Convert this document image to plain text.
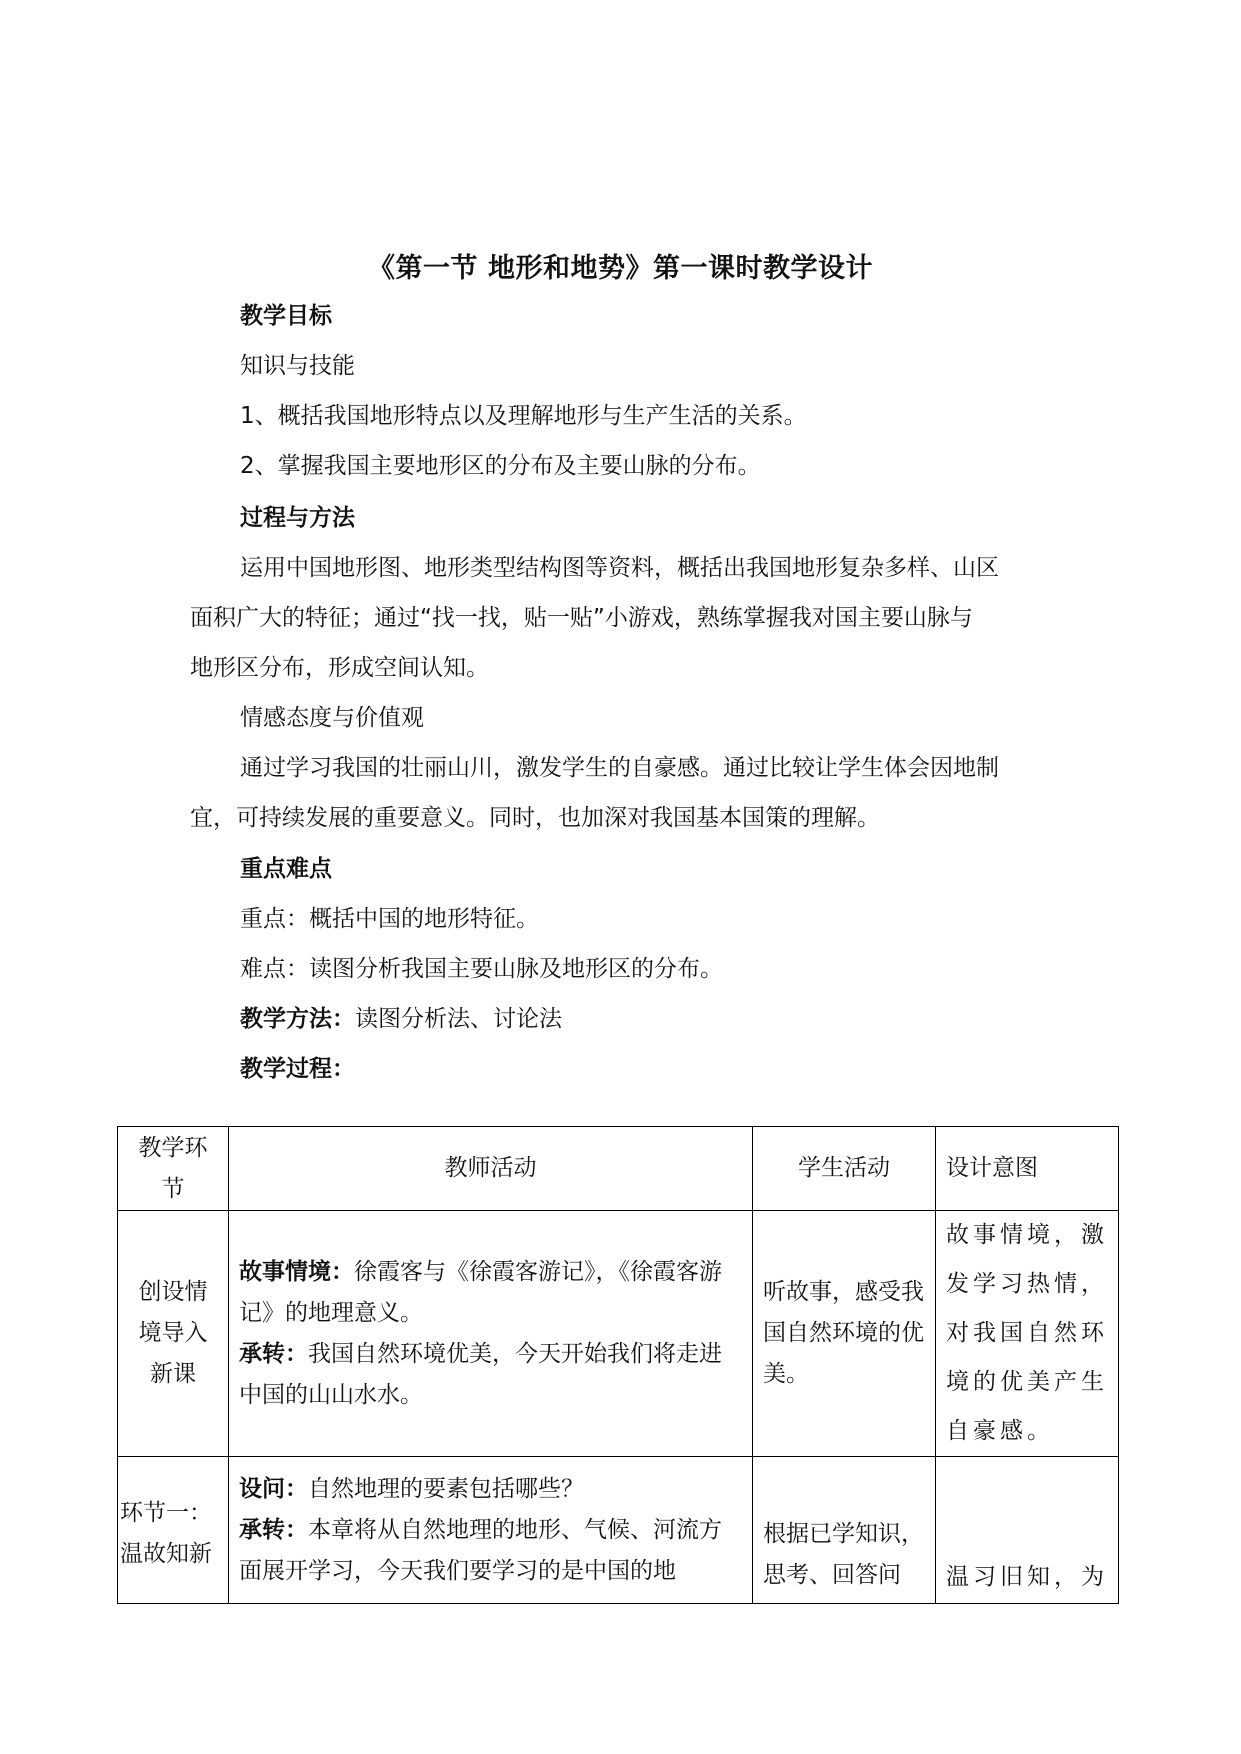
《第一节 地形和地势》第一课时教学设计
教学目标
知识与技能
1、概括我国地形特点以及理解地形与生产生活的关系。
2、掌握我国主要地形区的分布及主要山脉的分布。
过程与方法
运用中国地形图、地形类型结构图等资料，概括出我国地形复杂多样、山区
面积广大的特征；通过“找一找，贴一贴”小游戏，熟练掌握我对国主要山脉与
地形区分布，形成空间认知。
情感态度与价值观
通过学习我国的壮丽山川，激发学生的自豪感。通过比较让学生体会因地制
宜，可持续发展的重要意义。同时，也加深对我国基本国策的理解。
重点难点
重点：概括中国的地形特征。
难点：读图分析我国主要山脉及地形区的分布。
教学方法：读图分析法、讨论法
教学过程：
教学环节	教师活动	学生活动	设计意图
创设情境导入新课	故事情境：徐霞客与《徐霞客游记》，《徐霞客游记》的地理意义。
承转：我国自然环境优美，今天开始我们将走进中国的山山水水。	听故事，感受我国自然环境的优美。	故事情境，激发学习热情，对我国自然环境的优美产生自豪感。
环节一：温故知新	设问：自然地理的要素包括哪些？
承转：本章将从自然地理的地形、气候、河流方面展开学习，今天我们要学习的是中国的地	根据已学知识，思考、回答问	温习旧知，为
